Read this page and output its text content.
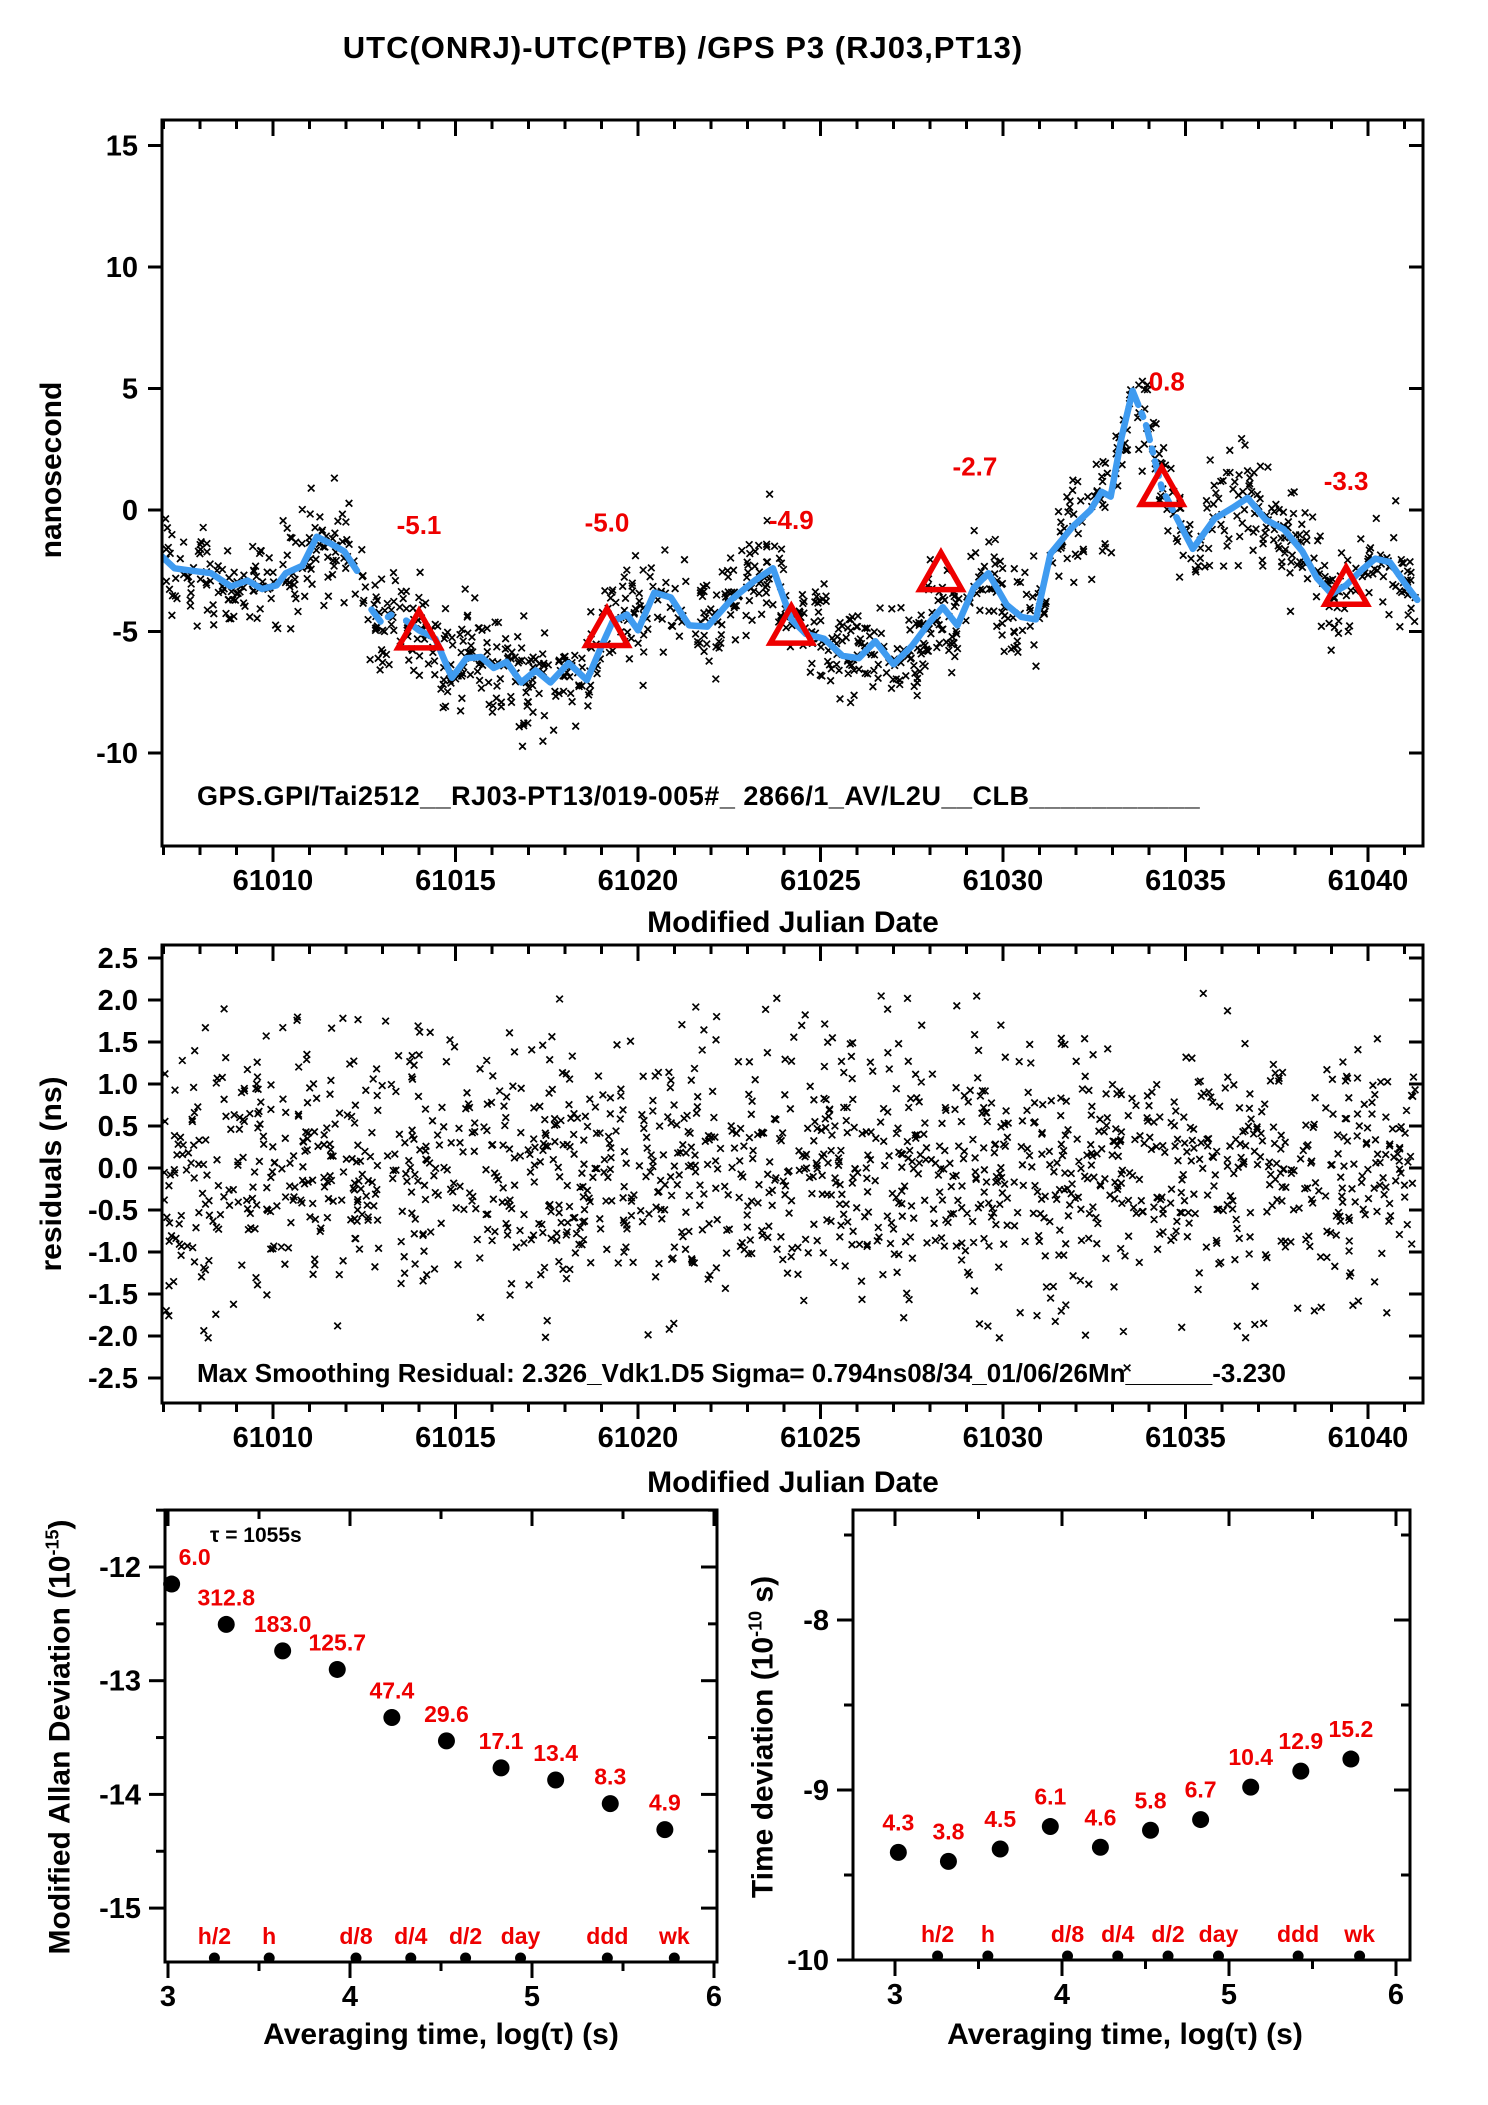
61010	61015	61020	61025	61030	61035	61040
15
10
5
0
-5
-10
-5.1	-5.0	-4.9
-2.7
0.8
-3.3
61010	61015	61020	61025	61030	61035	61040
2.5
2.0
1.5
1.0
0.5
0.0
-0.5
-1.0
-1.5
-2.0
-2.5
3	4	5	6
-12
-13
-14
-15
h/2 h	d/8 d/4 d/2 day ddd wk
6.0
312.8
183.0
125.7
47.4
29.6
17.1 13.4
8.3
4.9
3	4	5	6
-8
-9
-10
h/2 h d/8 d/4 d/2 day ddd wk
4.3 3.8 4.5
6.1
4.6
5.8 6.7
10.4
12.9 15.2
UTC(ONRJ)-UTC(PTB) /GPS P3 (RJ03,PT13)
nanosecond
GPS.GPI/Tai2512__RJ03-PT13/019-005#_ 2866/1_AV/L2U__CLB___________
Modified Julian Date
residuals (ns)
Max Smoothing Residual: 2.326_Vdk1.D5 Sigma= 0.794ns08/34_01/06/26Mn______-3.230
Modified Julian Date
Modified Allan Deviation $(10^{-15})$	τ = 1055s
Averaging time, log(τ) (s)
Time deviation ($10^{-10}$ s)
Averaging time, log(τ) (s)
